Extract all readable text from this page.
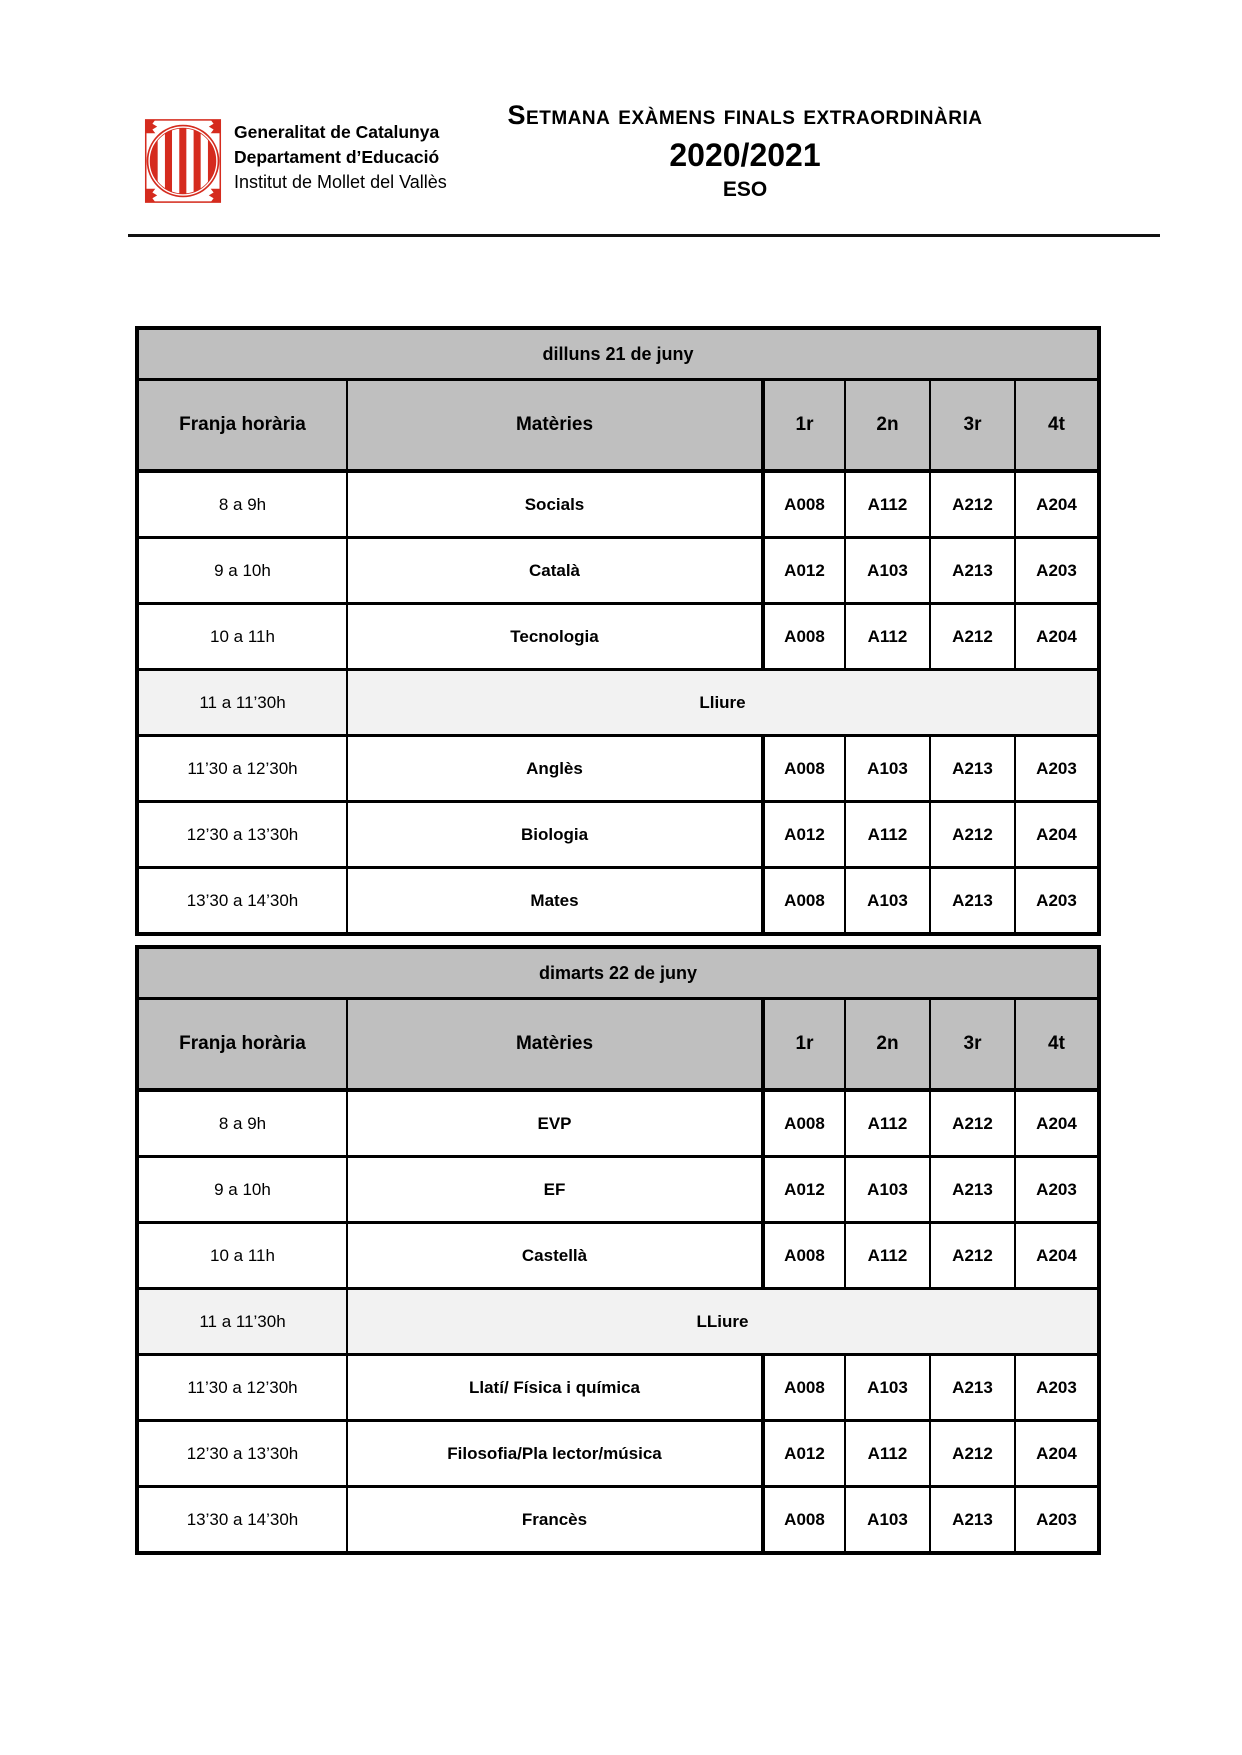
Generalitat de Catalunya
Departament d’Educació
Institut de Mollet del Vallès
Setmana exàmens finals extraordinària
2020/2021
ESO
dilluns 21 de juny					
Franja horària	Matèries	1r	2n	3r	4t
8 a 9h	Socials	A008	A112	A212	A204
9 a 10h	Català	A012	A103	A213	A203
10 a 11h	Tecnologia	A008	A112	A212	A204
11 a 11’30h	Lliure				
11’30 a 12’30h	Anglès	A008	A103	A213	A203
12’30 a 13’30h	Biologia	A012	A112	A212	A204
13’30 a 14’30h	Mates	A008	A103	A213	A203
dimarts 22 de juny					
Franja horària	Matèries	1r	2n	3r	4t
8 a 9h	EVP	A008	A112	A212	A204
9 a 10h	EF	A012	A103	A213	A203
10 a 11h	Castellà	A008	A112	A212	A204
11 a 11’30h	LLiure				
11’30 a 12’30h	Llatí/ Física i química	A008	A103	A213	A203
12’30 a 13’30h	Filosofia/Pla lector/música	A012	A112	A212	A204
13’30 a 14’30h	Francès	A008	A103	A213	A203
